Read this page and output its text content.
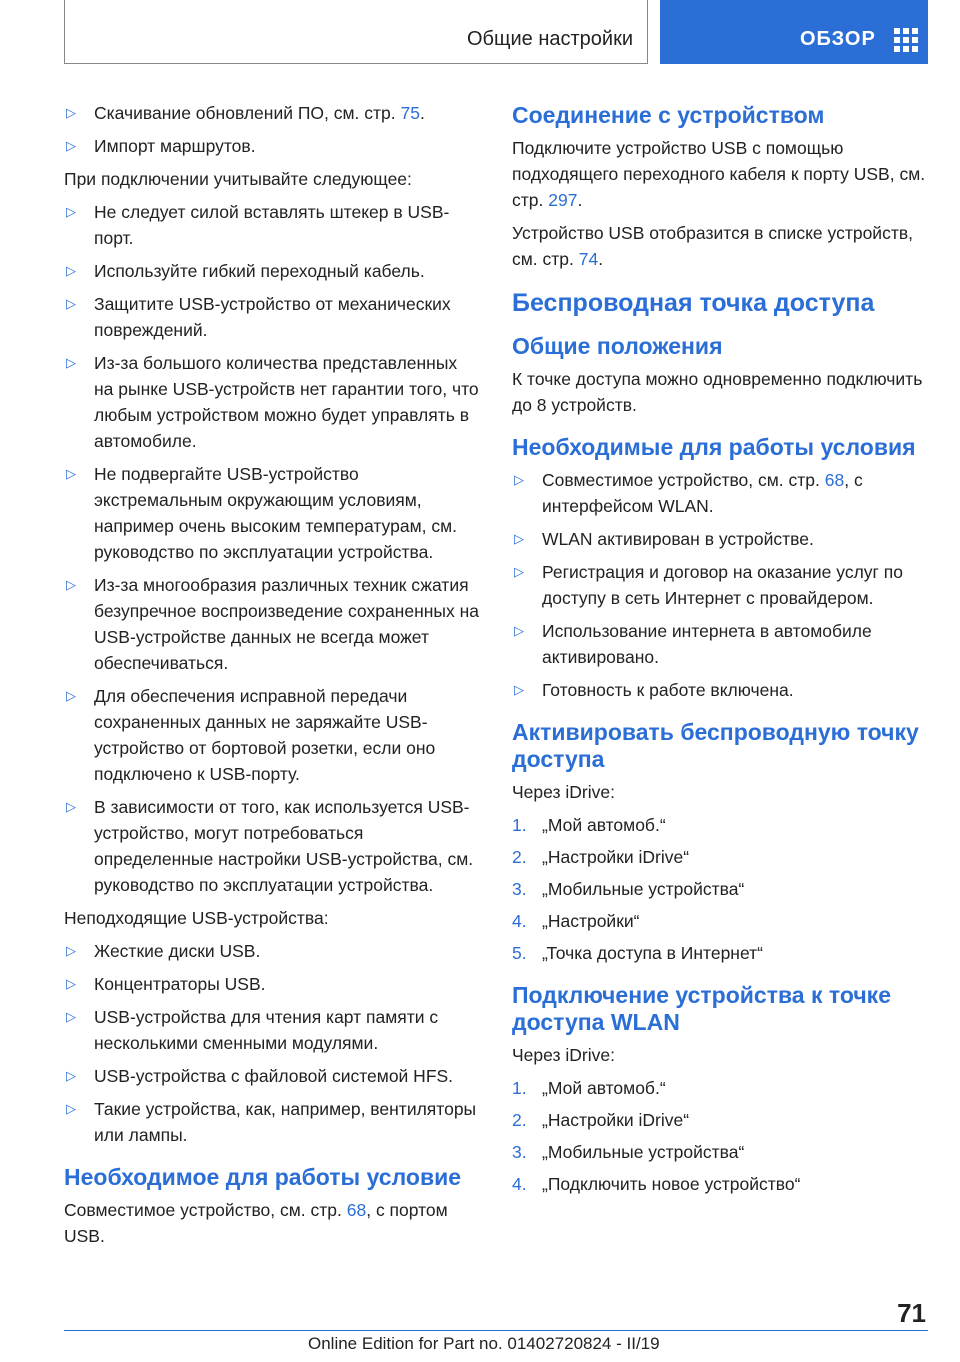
Общие настройки	ОБЗОР
▷ Скачивание обновлений ПО, см. стр. 75.
▷ Импорт маршрутов.

При подключении учитывайте следующее:

▷ Не следует силой вставлять штекер в USB-порт.
▷ Используйте гибкий переходный кабель.
▷ Защитите USB-устройство от механических повреждений.
▷ Из-за большого количества представленных на рынке USB-устройств нет гарантии того, что любым устройством можно будет управлять в автомобиле.
▷ Не подвергайте USB-устройство экстремальным окружающим условиям, например очень высоким температурам, см. руководство по эксплуатации устройства.
▷ Из-за многообразия различных техник сжатия безупречное воспроизведение сохраненных на USB-устройстве данных не всегда может обеспечиваться.
▷ Для обеспечения исправной передачи сохраненных данных не заряжайте USB-устройство от бортовой розетки, если оно подключено к USB-порту.
▷ В зависимости от того, как используется USB-устройство, могут потребоваться определенные настройки USB-устройства, см. руководство по эксплуатации устройства.

Неподходящие USB-устройства:

▷ Жесткие диски USB.
▷ Концентраторы USB.
▷ USB-устройства для чтения карт памяти с несколькими сменными модулями.
▷ USB-устройства с файловой системой HFS.
▷ Такие устройства, как, например, вентиляторы или лампы.
Необходимое для работы условие

Совместимое устройство, см. стр. 68, с портом USB.

Соединение с устройством

Подключите устройство USB с помощью подходящего переходного кабеля к порту USB, см. стр. 297.

Устройство USB отобразится в списке устройств, см. стр. 74.

Беспроводная точка доступа
Общие положения

К точке доступа можно одновременно подключить до 8 устройств.

Необходимые для работы условия
▷ Совместимое устройство, см. стр. 68, с интерфейсом WLAN.
▷ WLAN активирован в устройстве.
▷ Регистрация и договор на оказание услуг по доступу в сеть Интернет с провайдером.
▷ Использование интернета в автомобиле активировано.
▷ Готовность к работе включена.
Активировать беспроводную точку доступа

Через iDrive:

1. „Мой автомоб.“
2. „Настройки iDrive“
3. „Мобильные устройства“
4. „Настройки“
5. „Точка доступа в Интернет“
Подключение устройства к точке доступа WLAN

Через iDrive:

1. „Мой автомоб.“
2. „Настройки iDrive“
3. „Мобильные устройства“
4. „Подключить новое устройство“
71
Online Edition for Part no. 01402720824 - II/19
